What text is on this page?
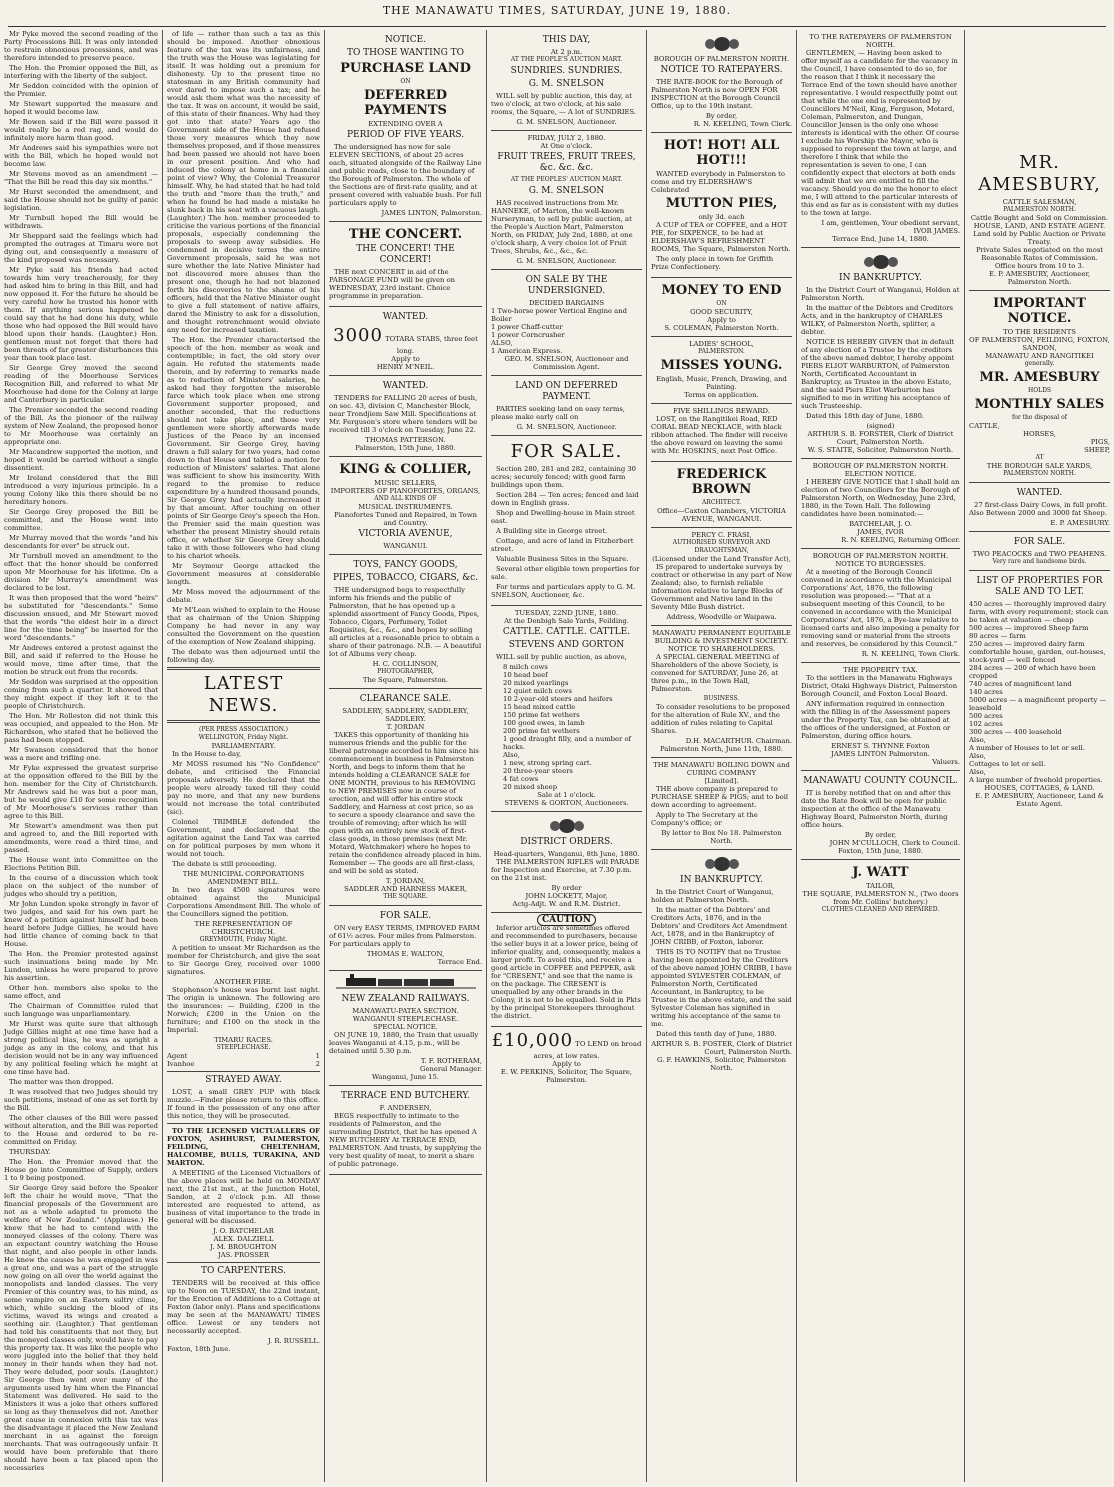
THE MANAWATU TIMES, SATURDAY, JUNE 19, 1880.

Mr Pyke moved the second reading of the Party Processions Bill. It was only intended to restrain obnoxious processions, and was therefore intended to preserve peace.

The Hon. the Premier opposed the Bill, as interfering with the liberty of the subject.

Mr Seddon coincided with the opinion of the Premier.

Mr Stewart supported the measure and hoped it would become law.

Mr Bowen said if the Bill were passed it would really be a red rag, and would do infinitely more harm than good.

Mr Andrews said his sympathies were not with the Bill, which he hoped would not become law.

Mr Stevens moved as an amendment — "That the Bill be read this day six months."

Mr Hurst seconded the amendment, and said the House should not be guilty of panic legislation.

Mr Turnbull hoped the Bill would be withdrawn.

Mr Sheppard said the feelings which had prompted the outrages at Timaru were not dying out, and consequently a measure of the kind proposed was necessary.

Mr Pyke said his friends had acted towards him very treacherously, for they had asked him to bring in this Bill, and had now opposed it. For the future he should be very careful how he trusted his honor with them. If anything serious happened he could say that he had done his duty, while those who had opposed the Bill would have blood upon their hands. (Laughter.) Hon. gentlemen must not forget that there had been threats of far greater disturbances this year than took place last.

Sir George Grey moved the second reading of the Moorhouse Services Recognition Bill, and referred to what Mr Moorhouse had done for the Colony at large and Canterbury in particular.

The Premier seconded the second reading of the Bill. As the pioneer of the railway system of New Zealand, the proposed honor to Mr Moorhouse was certainly an appropriate one.

Mr Macandrew supported the motion, and hoped it would be carried without a single dissentient.

Mr Ireland considered that the Bill introduced a very injurious principle. In a young Colony like this there should be no hereditary honors.

Sir George Grey proposed the Bill be committed, and the House went into committee.

Mr Murray moved that the words "and his descendants for ever" be struck out.

Mr Turnbull moved an amendment to the effect that the honor should be conferred upon Mr Moorhouse for his lifetime. On a division Mr Murray's amendment was declared to be lost.

It was then proposed that the word "heirs" be substituted for "descendants." Some discussion ensued, and Mr Stewart moved that the words "the eldest heir in a direct line for the time being" be inserted for the word "descendants."

Mr Andrews entered a protest against the Bill, and said if referred to the House he would move, time after time, that the motion be struck out from the records.

Mr Seddon was surprised at the opposition coming from such a quarter. It showed that they might expect if they left it to the people of Christchurch.

The Hon. Mr Rolleston did not think this was occupied, and appealed to the Hon. Mr Richardson, who stated that he believed the pass had been stopped.

Mr Swanson considered that the honor was a mere and trifling one.

Mr Fyke expressed the greatest surprise at the opposition offered to the Bill by the hon. member for the City of Christchurch. Mr Andrews said he was but a poor man, but he would give £10 for some recognition of Mr Moorhouse's services rather than agree to this Bill.

Mr Stewart's amendment was then put and agreed to, and the Bill reported with amendments, were read a third time, and passed.

The House went into Committee on the Elections Petition Bill.

In the course of a discussion which took place on the subject of the number of judges who should try a petition,

Mr John Lundon spoke strongly in favor of two judges, and said for his own part he knew of a petition against himself had been heard before Judge Gillies, he would have had little chance of coming back to that House.

The Hon. the Premier protested against such insinuations being made by Mr. Lundon, unless he were prepared to prove his assertion.

Other hon. members also spoke to the same effect, and

The Chairman of Committee ruled that such language was unparliamentary.

Mr Hurst was quite sure that although Judge Gillies might at one time have had a strong political bias, he was as upright a judge as any in the colony, and that his decision would not be in any way influenced by any political feeling which he might at one time have had.

The matter was then dropped.

It was resolved that two Judges should try such petitions, instead of one as set forth by the Bill.

The other clauses of the Bill were passed without alteration, and the Bill was reported to the House and ordered to be re-committed on Friday.

THURSDAY.

The Hon. the Premier moved that the House go into Committee of Supply, orders 1 to 9 being postponed.

Sir George Grey said before the Speaker left the chair he would move, "That the financial proposals of the Government are not as a whole adapted to promote the welfare of New Zealand." (Applause.) He knew that he had to contend with the moneyed classes of the colony. There was an expectant country watching the House that night, and also people in other lands. He knew the causes he was engaged in was a great one, and was a part of the struggle now going on all over the world against the monopolists and landed classes. The very Premier of this country was, to his mind, as some vampire on an Eastern sultry clime, which, while sucking the blood of its victims, waved its wings and created a soothing air. (Laughter.) That gentleman had told his constituents that not they, but the moneyed classes only, would have to pay this property tax. It was like the people who were juggled into the belief that they held money in their hands when they had not. They were deluded, poor souls. (Laughter.) Sir George then went over many of the arguments used by him when the Financial Statement was delivered. He said to the Ministers it was a joke that others suffered so long as they themselves did not. Another great cause in connexion with this tax was the disadvantage it placed the New Zealand merchant in as against the foreign merchants. That was outrageously unfair. It would have been preferable that there should have been a tax placed upon the necessaries

of life — rather than such a tax as this should be imposed. Another obnoxious feature of the tax was its unfairness, and the truth was the House was legislating for itself. It was holding out a premium for dishonesty. Up to the present time no statesman in any British community had ever dared to impose such a tax; and he would ask them what was the necessity of the tax. It was on account, it would be said, of this state of their finances. Why had they got into that state? Years ago the Government side of the House had refused those very measures which they now themselves proposed, and if those measures had been passed we should not have been in our present position. And who had induced the colony at home in a financial point of view? Why, the Colonial Treasurer himself. Why, he had stated that he had told the truth and "more than the truth," and when he found he had made a mistake he slunk back in his seat with a vacuous laugh. (Laughter.) The hon. member proceeded to criticise the various portions of the financial proposals, especially condemning the proposals to sweep away subsidies. He condemned in decisive terms the entire Government proposals, said he was not sure whether the late Native Minister had not discovered more abuses than the present one, though he had not blazoned forth his discoveries to the shame of his officers, held that the Native Minister ought to give a full statement of native affairs, dared the Ministry to ask for a dissolution, and thought retrenchment would obviate any need for increased taxation.

The Hon. the Premier characterised the speech of the hon. member as weak and contemptible; in fact, the old story over again. He refuted the statements made therein, and by referring to remarks made as to reduction of Ministers' salaries, he asked had they forgotten the miserable farce which took place when one strong Government supporter proposed, and another seconded, that the reductions should not take place, and those very gentlemen were shortly afterwards made Justices of the Peace by an incensed Government. Sir George Grey, having drawn a full salary for two years, had come down to that House and tabled a motion for reduction of Ministers' salaries. That alone was sufficient to show his insincerity. With regard to the promise to reduce expenditure by a hundred thousand pounds, Sir George Grey had actually increased it by that amount. After touching on other points of Sir George Grey's speech the Hon. the Premier said the main question was whether the present Ministry should retain office, or whether Sir George Grey should take it with those followers who had clung to his chariot wheels.

Mr Seymour George attacked the Government measures at considerable length.

Mr Moss moved the adjournment of the debate.

Mr M'Lean wished to explain to the House that as chairman of the Union Shipping Company he had never in any way consulted the Government on the question of the exemption of New Zealand shipping.

The debate was then adjourned until the following day.

LATEST NEWS.
(PER PRESS ASSOCIATION.)
WELLINGTON, Friday Night.
PARLIAMENTARY.

In the House to-day,

Mr MOSS resumed his "No Confidence" debate, and criticised the Financial proposals adversely. He declared that the people were already taxed till they could pay no more, and that any new burdens would not increase the total contributed (sic).

Colonel TRIMBLE defended the Government, and declared that the agitation against the Land Tax was carried on for political purposes by men whom it would not touch.

The debate is still proceeding.

THE MUNICIPAL CORPORATIONS AMENDMENT BILL.

In two days 4500 signatures were obtained against the Municipal Corporations Amendment Bill. The whole of the Councillors signed the petition.

THE REPRESENTATION OF CHRISTCHURCH.
GREYMOUTH, Friday Night.

A petition to unseat Mr Richardson as the member for Christchurch, and give the seat to Sir George Grey, received over 1000 signatures.

ANOTHER FIRE.

Stephenson's house was burnt last night. The origin is unknown. The following are the insurances: — Building, £200 in the Norwich; £200 in the Union on the furniture; and £100 on the stock in the Imperial.

TIMARU RACES.
STEEPLECHASE.
Agent	1
Ivanhoe	2
STRAYED AWAY.

LOST, a small GREY PUP with black muzzle.—Finder please return to this office. If found in the possession of any one after this notice, they will be prosecuted.

TO THE LICENSED VICTUALLERS OF FOXTON, ASHHURST, PALMERSTON, FEILDING, CHELTENHAM, HALCOMBE, BULLS, TURAKINA, AND MARTON.

A MEETING of the Licensed Victuallers of the above places will be held on MONDAY next, the 21st inst., at the Junction Hotel, Sandon, at 2 o'clock p.m. All those interested are requested to attend, as business of vital importance to the trade in general will be discussed.

J. O. BATCHELAR
ALEX. DALZIELL
J. M. BROUGHTON
JAS. PROSSER
TO CARPENTERS.

TENDERS will be received at this office up to Noon on TUESDAY, the 22nd instant, for the Erection of Additions to a Cottage at Foxton (labor only). Plans and specifications may be seen at the MANAWATU TIMES office. Lowest or any tenders not necessarily accepted.

J. R. RUSSELL.
Foxton, 18th June.
NOTICE.
TO THOSE WANTING TO
PURCHASE LAND
ON
DEFERRED PAYMENTS
EXTENDING OVER A
PERIOD OF FIVE YEARS.

The undersigned has now for sale ELEVEN SECTIONS, of about 25 acres each, situated alongside of the Railway Line and public roads, close to the boundary of the Borough of Palmerston. The whole of the Sections are of first-rate quality, and at present covered with valuable bush. For full particulars apply to

JAMES LINTON, Palmerston.
THE CONCERT.
THE CONCERT! THE CONCERT!

THE next CONCERT in aid of the PARSONAGE FUND will be given on WEDNESDAY, 23rd instant. Choice programme in preparation.

WANTED.
3000 TOTARA STABS, three feet long.
Apply to
HENRY M'NEIL.
WANTED.

TENDERS for FALLING 20 acres of bush, on sec. 43, division C, Manchester Block, near Trondjiem Saw Mill. Specifications at Mr. Ferguson's store where tenders will be received till 3 o'clock on Tuesday, June 22.

THOMAS PATTERSON.
Palmerston, 15th June, 1880.
KING & COLLIER,
MUSIC SELLERS,
IMPORTERS OF PIANOFORTES, ORGANS,
AND ALL KINDS OF
MUSICAL INSTRUMENTS.
Pianofortes Tuned and Repaired, in Town and Country.
VICTORIA AVENUE,
WANGANUI.
TOYS, FANCY GOODS,
PIPES, TOBACCO, CIGARS, &c.

THE undersigned begs to respectfully inform his friends and the public of Palmerston, that he has opened up a splendid assortment of Fancy Goods, Pipes, Tobacco, Cigars, Perfumery, Toilet Requisites, &c., &c., and hopes by selling all articles at a reasonable price to obtain a share of their patronage. N.B. — A beautiful lot of Albums very cheap.

H. C. COLLINSON,
PHOTOGRAPHER,
The Square, Palmerston.
CLEARANCE SALE.
SADDLERY, SADDLERY, SADDLERY, SADDLERY.
T. JORDAN

TAKES this opportunity of thanking his numerous friends and the public for the liberal patronage accorded to him since his commencement in business in Palmerston North, and begs to inform them that he intends holding a CLEARANCE SALE for ONE MONTH, previous to his REMOVING to NEW PREMISES now in course of erection, and will offer his entire stock Saddlery, and Harness at cost price, so as to secure a speedy clearance and save the trouble of removing; after which he will open with an entirely new stock of first-class goods, in those premises (next Mr. Motard, Watchmaker) where he hopes to retain the confidence already placed in him. Remember — The goods are all first-class, and will be sold as stated.

T. JORDAN,
SADDLER AND HARNESS MAKER,
THE SQUARE.
FOR SALE.

ON very EASY TERMS, IMPROVED FARM of 61½ acres. Four miles from Palmerston. For particulars apply to

THOMAS E. WALTON,
Terrace End.
NEW ZEALAND RAILWAYS.
MANAWATU-PATEA SECTION.
WANGANUI STEEPLECHASE.
SPECIAL NOTICE.

ON JUNE 19, 1880, the Train that usually leaves Wanganui at 4.15, p.m., will be detained until 5.30 p.m.

T. F. ROTHERAM,
General Manager.
Wanganui, June 15.
TERRACE END BUTCHERY.
F. ANDERSEN,

BEGS respectfully to intimate to the residents of Palmerston, and the surrounding District, that he has opened A NEW BUTCHERY At TERRACE END, PALMERSTON. And trusts, by supplying the very best quality of meat, to merit a share of public patronage.

THIS DAY,
At 2 p.m.
AT THE PEOPLE'S AUCTION MART.
SUNDRIES. SUNDRIES.
G. M. SNELSON

WILL sell by public auction, this day, at two o'clock, at two o'clock, at his sale rooms, the Square, — A lot of SUNDRIES.

G. M. SNELSON, Auctioneer.
FRIDAY, JULY 2, 1880.
At One o'clock.
FRUIT TREES, FRUIT TREES, &c. &c. &c.
AT THE PEOPLES' AUCTION MART.
G. M. SNELSON

HAS received instructions from Mr. HANNEKE, of Marton, the well-known Nurseryman, to sell by public auction, at the People's Auction Mart, Palmerston North, on FRIDAY, July 2nd, 1880, at one o'clock sharp, A very choice lot of Fruit Trees, Shrubs, &c., &c., &c.

G. M. SNELSON, Auctioneer.
ON SALE BY THE UNDERSIGNED.
DECIDED BARGAINS
1 Two-horse power Vertical Engine and Boiler
1 power Chaff-cutter
1 power Corncrusher
ALSO,
1 American Express.
GEO. M. SNELSON, Auctioneer and Commission Agent.
LAND ON DEFERRED PAYMENT.

PARTIES seeking land on easy terms, please make early call on

G. M. SNELSON, Auctioneer.
FOR SALE.

Section 280, 281 and 282, containing 30 acres; securely fenced; with good farm buildings upon them.

Section 284 — Ten acres; fenced and laid down in English grass.

Shop and Dwelling-house in Main street east.

A Building site in George street.

Cottage, and acre of land in Fitzherbert street.

Valuable Business Sites in the Square.

Several other eligible town properties for sale.

For terms and particulars apply to G. M. SNELSON, Auctioneer, &c.

TUESDAY, 22ND JUNE, 1880.
At the Denbigh Sale Yards, Feilding.
CATTLE. CATTLE. CATTLE.
STEVENS AND GORTON

WILL sell by public auction, as above,

8 milch cows
10 head beef
20 mixed yearlings
12 quiet milch cows
10 2-year-old steers and heifers
15 head mixed cattle
150 prime fat wethers
100 good ewes, in lamb
200 prime fat wethers
1 good draught filly, and a number of hacks.
Also,
1 new, strong spring cart.
20 three-year steers
4 fat cows
20 mixed sheep
Sale at 1 o'clock.
STEVENS & GORTON, Auctioneers.
DISTRICT ORDERS.
Head-quarters, Wanganui, 8th June, 1880.

THE PALMERSTON RIFLES will PARADE for Inspection and Exercise, at 7.30 p.m. on the 21st inst.

By order
JOHN LOCKETT, Major,
Actg-Adjt. W. and R.M. District.
CAUTION

Inferior articles are sometimes offered and recommended to purchasers, because the seller buys it at a lower price, being of inferior quality, and, consequently, makes a larger profit. To avoid this, and receive a good article in COFFEE and PEPPER, ask for "CRESENT," and see that the name is on the package. The CRESENT is unequalled by any other brands in the Colony, it is not to be equalled. Sold in Pkts by the principal Storekeepers throughout the district.

£10,000 TO LEND on broad acres, at low rates.
Apply to
E. W. PERKINS, Solicitor, The Square, Palmerston.
BOROUGH OF PALMERSTON NORTH.
NOTICE TO RATEPAYERS.

THE RATE-BOOK for the Borough of Palmerston North is now OPEN FOR INSPECTION at the Borough Council Office, up to the 19th instant.

By order,
R. N. KEELING, Town Clerk.
HOT! HOT! ALL HOT!!!

WANTED everybody in Palmerston to come and try ELDERSHAW'S Celebrated

MUTTON PIES,
only 3d. each

A CUP of TEA or COFFEE, and a HOT PIE, for SIXPENCE, to be had at ELDERSHAW'S REFRESHMENT ROOMS, The Square, Palmerston North.

The only place in town for Griffith Prize Confectionery.

MONEY TO END
ON
GOOD SECURITY,
Apply to
S. COLEMAN, Palmerston North.
LADIES' SCHOOL,
PALMERSTON.
MISSES YOUNG.
English, Music, French, Drawing, and Painting.
Terms on application.
FIVE SHILLINGS REWARD.

LOST, on the Rangitikei Road, RED CORAL BEAD NECKLACE, with black ribbon attached. The finder will receive the above reward on leaving the same with Mr. HOSKINS, next Post Office.

FREDERICK BROWN
ARCHITECT.
Office—Caxton Chambers, VICTORIA AVENUE, WANGANUI.
PERCY C. FRASI,
AUTHORISED SURVEYOR AND DRAUGHTSMAN,
(Licensed under the Land Transfer Act),

IS prepared to undertake surveys by contract or otherwise in any part of New Zealand; also, to furnish reliable information relative to large Blocks of Government and Native land in the Seventy Mile Bush district.

Address, Woodville or Waipawa.
MANAWATU PERMANENT EQUITABLE BUILDING & INVESTMENT SOCIETY.
NOTICE TO SHAREHOLDERS.

A SPECIAL GENERAL MEETING of Shareholders of the above Society, is convened for SATURDAY, June 26, at three p.m., in the Town Hall, Palmerston.

BUSINESS.

To consider resolutions to be proposed for the alteration of Rule XV., and the addition of rules relating to Capital Shares.

D.H. MACARTHUR. Chairman.
Palmerston North, June 11th, 1880.
THE MANAWATU BOILING DOWN and CURING COMPANY
[Limited].

THE above company is prepared to PURCHASE SHEEP & PIGS; and to boil down according to agreement.

Apply to The Secretary at the Company's office; or

By letter to Box No 18. Palmerston North.
IN BANKRUPTCY.

In the District Court of Wanganui, holden at Palmerston North.

In the matter of the Debtors' and Creditors Acts, 1876, and in the Debtors' and Creditors Act Amendment Act, 1878, and in the Bankruptcy of JOHN CRIBB, of Foxton, laborer.

THIS IS TO NOTIFY that no Trustee having been appointed by the Creditors of the above named JOHN CRIBB, I have appointed SYLVESTER COLEMAN, of Palmerston North, Certificated Accountant, in Bankruptcy, to be Trustee in the above estate, and the said Sylvester Coleman has signified in writing his acceptance of the same to me.

Dated this tenth day of June, 1880.

ARTHUR S. B. FOSTER, Clerk of District Court, Palmerston North.
G. F. HAWKINS, Solicitor, Palmerston North.
TO THE RATEPAYERS OF PALMERSTON NORTH.

GENTLEMEN, — Having been asked to offer myself as a candidate for the vacancy in the Council, I have consented to do so, for the reason that I think it necessary the Terrace End of the town should have another representative. I would respectfully point out that while the one end is represented by Councillors M'Neil, King, Ferguson, Motard, Coleman, Palmerston, and Dungan, Councillor Jensen is the only one whose interests is identical with the other. Of course I exclude his Worship the Mayor, who is supposed to represent the town at large, and therefore I think that while the representation is seven to one, I can confidently expect that electors at both ends will admit that we are entitled to fill the vacancy. Should you do me the honor to elect me, I will attend to the particular interests of this end as far as is consistent with my duties to the town at large.

I am, gentlemen, Your obedient servant,
IVOR JAMES.
Terrace End, June 14, 1880.
IN BANKRUPTCY.

In the District Court of Wanganui, Holden at Palmerston North.

In the matter of the Debtors and Creditors Acts, and in the bankruptcy of CHARLES WILKY, of Palmerston North, splitter, a debtor.

NOTICE IS HEREBY GIVEN that in default of any election of a Trustee by the creditors of the above named debtor, I hereby appoint PIERS ELIOT WARBURTON, of Palmerston North, Certificated Accountant in Bankruptcy, as Trustee in the above Estate, and the said Piers Eliot Warburton has signified to me in writing his acceptance of such Trusteeship.

Dated this 18th day of June, 1880.

(signed)
ARTHUR S. B. FORSTER, Clerk of District Court, Palmerston North.
W. S. STAITE, Solicitor, Palmerston North.
BOROUGH OF PALMERSTON NORTH.
ELECTION NOTICE.

I HEREBY GIVE NOTICE that I shall hold an election of two Councillors for the Borough of Palmerston North, on Wednesday, June 23rd, 1880, in the Town Hall. The following candidates have been nominated:—

BATCHELAR, J. O.
JAMES, IVOR
R. N. KEELING, Returning Officer.
BOROUGH OF PALMERSTON NORTH.
NOTICE TO BURGESSES.

At a meeting of the Borough Council convened in accordance with the Municipal Corporations' Act, 1876, the following resolution was proposed:— "That at a subsequent meeting of this Council, to be convened in accordance with the Municipal Corporations' Act, 1876, a Bye-law relative to licensed carts and also imposing a penalty for removing sand or material from the streets and reserves, be considered by this Council."

R. N. KEELING, Town Clerk.
THE PROPERTY TAX.

To the settlers in the Manawatu Highways District, Otaki Highways District, Palmerston Borough Council, and Foxton Local Board.

ANY information required in connection with the filling in of the Assessment papers under the Property Tax, can be obtained at the offices of the undersigned, at Foxton or Palmerston, during office hours.

ERNEST S. THYNNE Foxton
JAMES LINTON Palmerston.
Valuers.
MANAWATU COUNTY COUNCIL.

IT is hereby notified that on and after this date the Rate Book will be open for public inspection at the office of the Manawatu Highway Board, Palmerston North, during office hours.

By order,
JOHN M'CULLOCH, Clerk to Council.
Foxton, 15th June, 1880.
J. WATT
TAILOR,
THE SQUARE, PALMERSTON N., (Two doors from Mr. Collins' butchery.)
CLOTHES CLEANED AND REPAIRED.
MR. AMESBURY,
CATTLE SALESMAN,
PALMERSTON NORTH.
Cattle Bought and Sold on Commission.
HOUSE, LAND, AND ESTATE AGENT.
Land sold by Public Auction or Private Treaty.
Private Sales negotiated on the most Reasonable Rates of Commission.
Office hours from 10 to 3.
E. P. AMESBURY, Auctioneer, Palmerston North.
IMPORTANT NOTICE.
TO THE RESIDENTS
OF PALMERSTON, FEILDING, FOXTON, SANDON,
MANAWATU AND RANGITIKEI
generally.
MR. AMESBURY
HOLDS
MONTHLY SALES
for the disposal of
CATTLE,
HORSES,
PIGS,
SHEEP,
AT
THE BOROUGH SALE YARDS,
PALMERSTON NORTH.
WANTED.

27 first-class Dairy Cows, in full profit. Also Between 2000 and 3000 fat Sheep.

E. P. AMESBURY.
FOR SALE.
TWO PEACOCKS and TWO PEAHENS.
Very rare and handsome birds.
LIST OF PROPERTIES FOR SALE AND TO LET.
450 acres — thoroughly improved dairy farm, with every requirement; stock can be taken at valuation — cheap
500 acres — improved Sheep farm
80 acres — farm
250 acres — improved dairy farm comfortable house, garden, out-houses, stock-yard — well fenced
284 acres — 200 of which have been cropped
740 acres of magnificent land
140 acres
5000 acres — a magnificent property — leasehold
500 acres
102 acres
300 acres — 400 leasehold
Also,
A number of Houses to let or sell.
Also,
Cottages to let or sell.
Also,
A large number of freehold properties.
HOUSES, COTTAGES, & LAND.
E. P. AMESBURY, Auctioneer, Land & Estate Agent.
